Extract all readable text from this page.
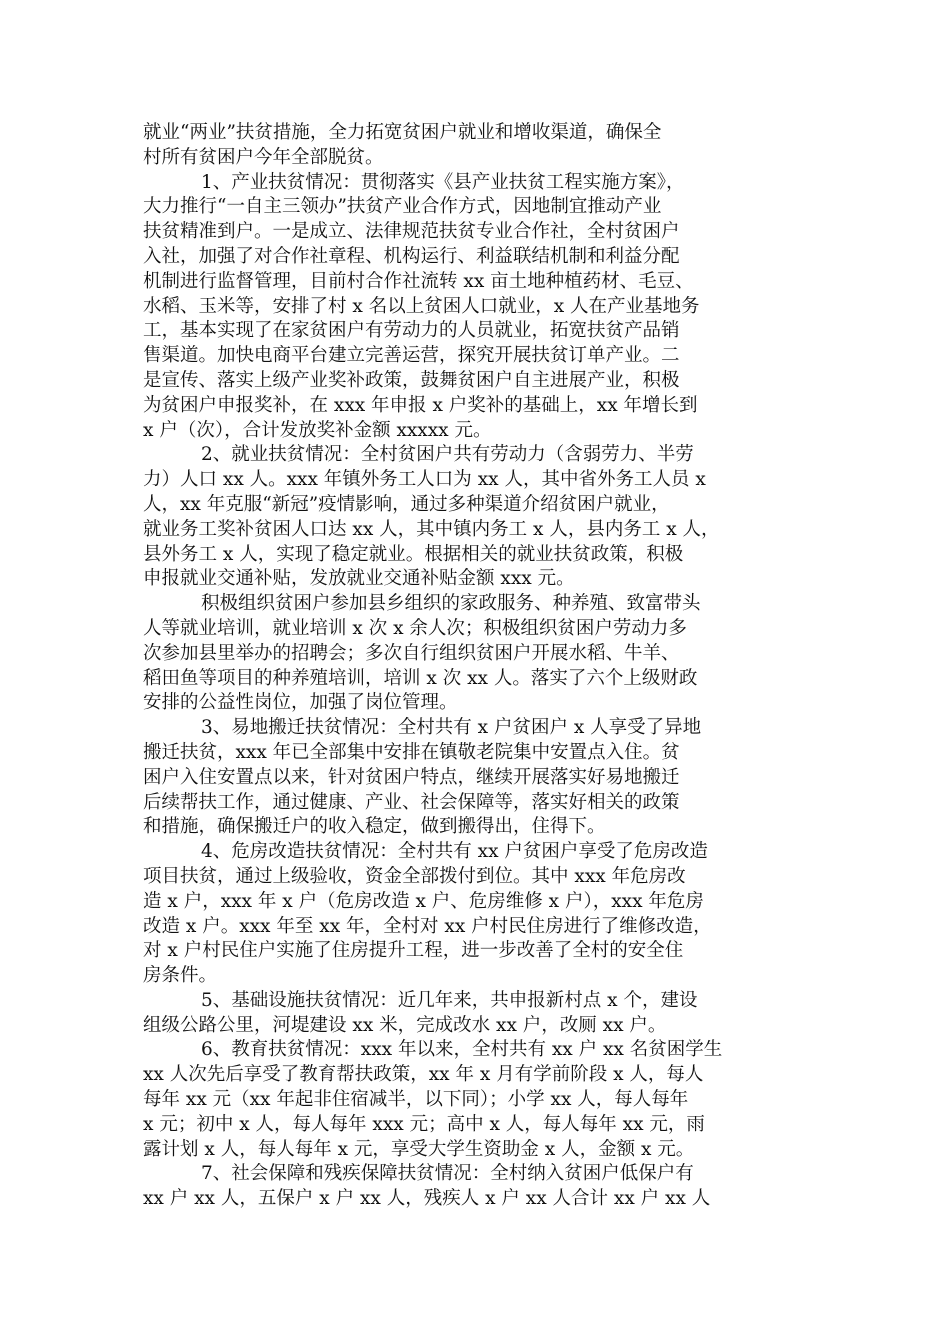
就业“两业”扶贫措施，全力拓宽贫困户就业和增收渠道，确保全
村所有贫困户今年全部脱贫。
1、产业扶贫情况：贯彻落实《县产业扶贫工程实施方案》，
大力推行“一自主三领办”扶贫产业合作方式，因地制宜推动产业
扶贫精准到户。一是成立、法律规范扶贫专业合作社，全村贫困户
入社，加强了对合作社章程、机构运行、利益联结机制和利益分配
机制进行监督管理，目前村合作社流转 xx 亩土地种植药材、毛豆、
水稻、玉米等，安排了村 x 名以上贫困人口就业，x 人在产业基地务
工，基本实现了在家贫困户有劳动力的人员就业，拓宽扶贫产品销
售渠道。加快电商平台建立完善运营，探究开展扶贫订单产业。二
是宣传、落实上级产业奖补政策，鼓舞贫困户自主进展产业，积极
为贫困户申报奖补，在 xxx 年申报 x 户奖补的基础上，xx 年增长到
x 户（次），合计发放奖补金额 xxxxx 元。
2、就业扶贫情况：全村贫困户共有劳动力（含弱劳力、半劳
力）人口 xx 人。xxx 年镇外务工人口为 xx 人，其中省外务工人员 x
人，xx 年克服“新冠”疫情影响，通过多种渠道介绍贫困户就业，
就业务工奖补贫困人口达 xx 人，其中镇内务工 x 人，县内务工 x 人，
县外务工 x 人，实现了稳定就业。根据相关的就业扶贫政策，积极
申报就业交通补贴，发放就业交通补贴金额 xxx 元。
积极组织贫困户参加县乡组织的家政服务、种养殖、致富带头
人等就业培训，就业培训 x 次 x 余人次；积极组织贫困户劳动力多
次参加县里举办的招聘会；多次自行组织贫困户开展水稻、牛羊、
稻田鱼等项目的种养殖培训，培训 x 次 xx 人。落实了六个上级财政
安排的公益性岗位，加强了岗位管理。
3、易地搬迁扶贫情况：全村共有 x 户贫困户 x 人享受了异地
搬迁扶贫，xxx 年已全部集中安排在镇敬老院集中安置点入住。贫
困户入住安置点以来，针对贫困户特点，继续开展落实好易地搬迁
后续帮扶工作，通过健康、产业、社会保障等，落实好相关的政策
和措施，确保搬迁户的收入稳定，做到搬得出，住得下。
4、危房改造扶贫情况：全村共有 xx 户贫困户享受了危房改造
项目扶贫，通过上级验收，资金全部拨付到位。其中 xxx 年危房改
造 x 户，xxx 年 x 户（危房改造 x 户、危房维修 x 户），xxx 年危房
改造 x 户。xxx 年至 xx 年，全村对 xx 户村民住房进行了维修改造，
对 x 户村民住户实施了住房提升工程，进一步改善了全村的安全住
房条件。
5、基础设施扶贫情况：近几年来，共申报新村点 x 个，建设
组级公路公里，河堤建设 xx 米，完成改水 xx 户，改厕 xx 户。
6、教育扶贫情况：xxx 年以来，全村共有 xx 户 xx 名贫困学生
xx 人次先后享受了教育帮扶政策，xx 年 x 月有学前阶段 x 人，每人
每年 xx 元（xx 年起非住宿减半，以下同）；小学 xx 人，每人每年
x 元；初中 x 人，每人每年 xxx 元；高中 x 人，每人每年 xx 元，雨
露计划 x 人，每人每年 x 元，享受大学生资助金 x 人，金额 x 元。
7、社会保障和残疾保障扶贫情况：全村纳入贫困户低保户有
xx 户 xx 人，五保户 x 户 xx 人，残疾人 x 户 xx 人合计 xx 户 xx 人
